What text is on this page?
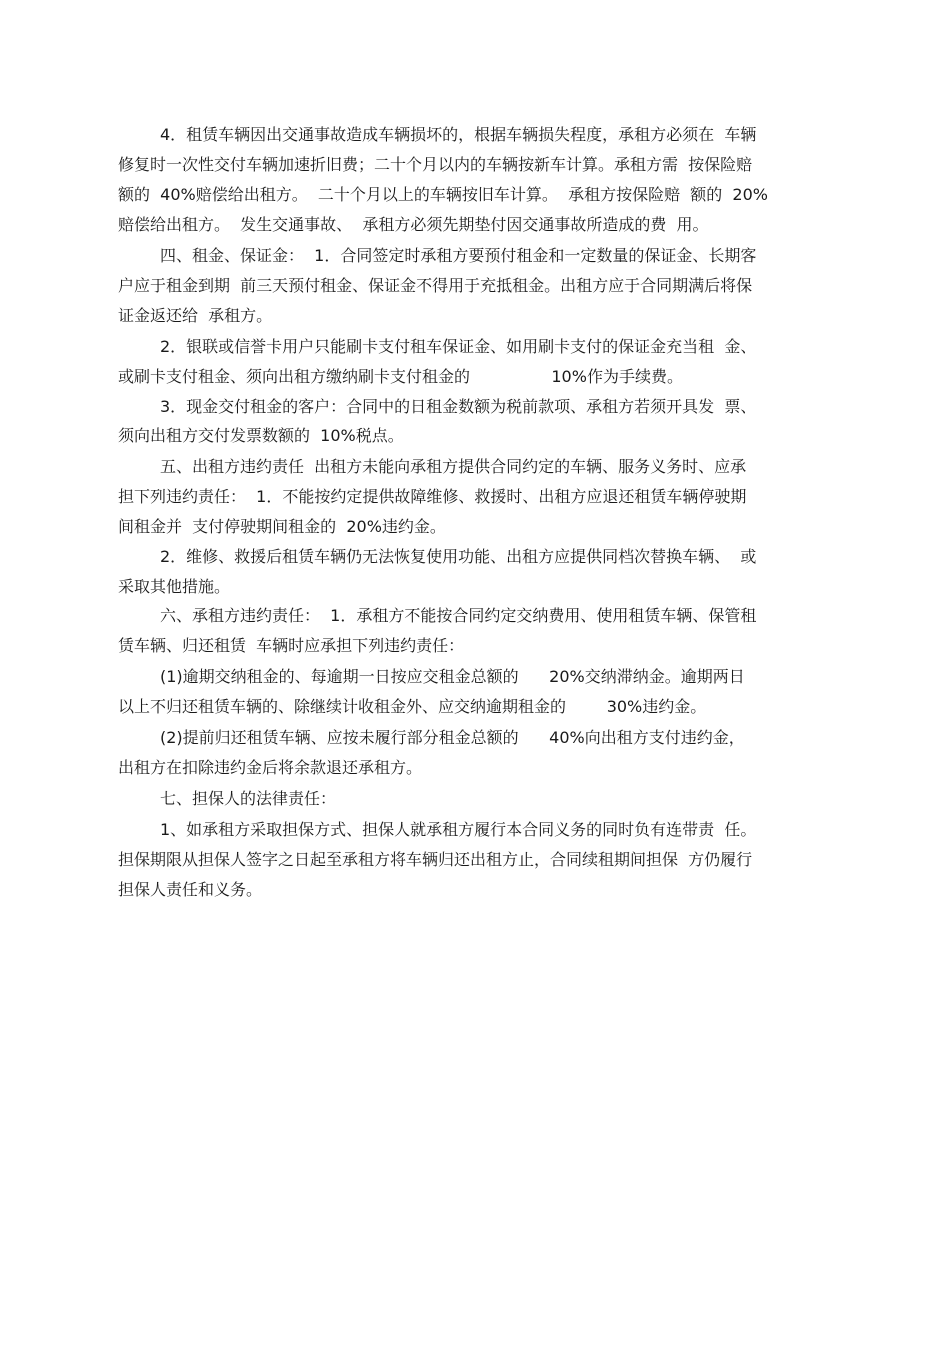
4．租赁车辆因出交通事故造成车辆损坏的，根据车辆损失程度，承租方必须在  车辆
修复时一次性交付车辆加速折旧费；二十个月以内的车辆按新车计算。承租方需  按保险赔
额的  40%赔偿给出租方。  二十个月以上的车辆按旧车计算。  承租方按保险赔  额的  20%
赔偿给出租方。  发生交通事故、  承租方必须先期垫付因交通事故所造成的费  用。
四、租金、保证金：  1．合同签定时承租方要预付租金和一定数量的保证金、长期客
户应于租金到期  前三天预付租金、保证金不得用于充抵租金。出租方应于合同期满后将保
证金返还给  承租方。
2．银联或信誉卡用户只能刷卡支付租车保证金、如用刷卡支付的保证金充当租  金、
或刷卡支付租金、须向出租方缴纳刷卡支付租金的                10%作为手续费。
3．现金交付租金的客户：合同中的日租金数额为税前款项、承租方若须开具发  票、
须向出租方交付发票数额的  10%税点。
五、出租方违约责任  出租方未能向承租方提供合同约定的车辆、服务义务时、应承
担下列违约责任：  1．不能按约定提供故障维修、救援时、出租方应退还租赁车辆停驶期
间租金并  支付停驶期间租金的  20%违约金。
2．维修、救援后租赁车辆仍无法恢复使用功能、出租方应提供同档次替换车辆、  或
采取其他措施。
六、承租方违约责任：  1．承租方不能按合同约定交纳费用、使用租赁车辆、保管租
赁车辆、归还租赁  车辆时应承担下列违约责任：
(1)逾期交纳租金的、每逾期一日按应交租金总额的      20%交纳滞纳金。逾期两日
以上不归还租赁车辆的、除继续计收租金外、应交纳逾期租金的        30%违约金。
(2)提前归还租赁车辆、应按未履行部分租金总额的      40%向出租方支付违约金，
出租方在扣除违约金后将余款退还承租方。
七、担保人的法律责任：
1、如承租方采取担保方式、担保人就承租方履行本合同义务的同时负有连带责  任。
担保期限从担保人签字之日起至承租方将车辆归还出租方止，合同续租期间担保  方仍履行
担保人责任和义务。
